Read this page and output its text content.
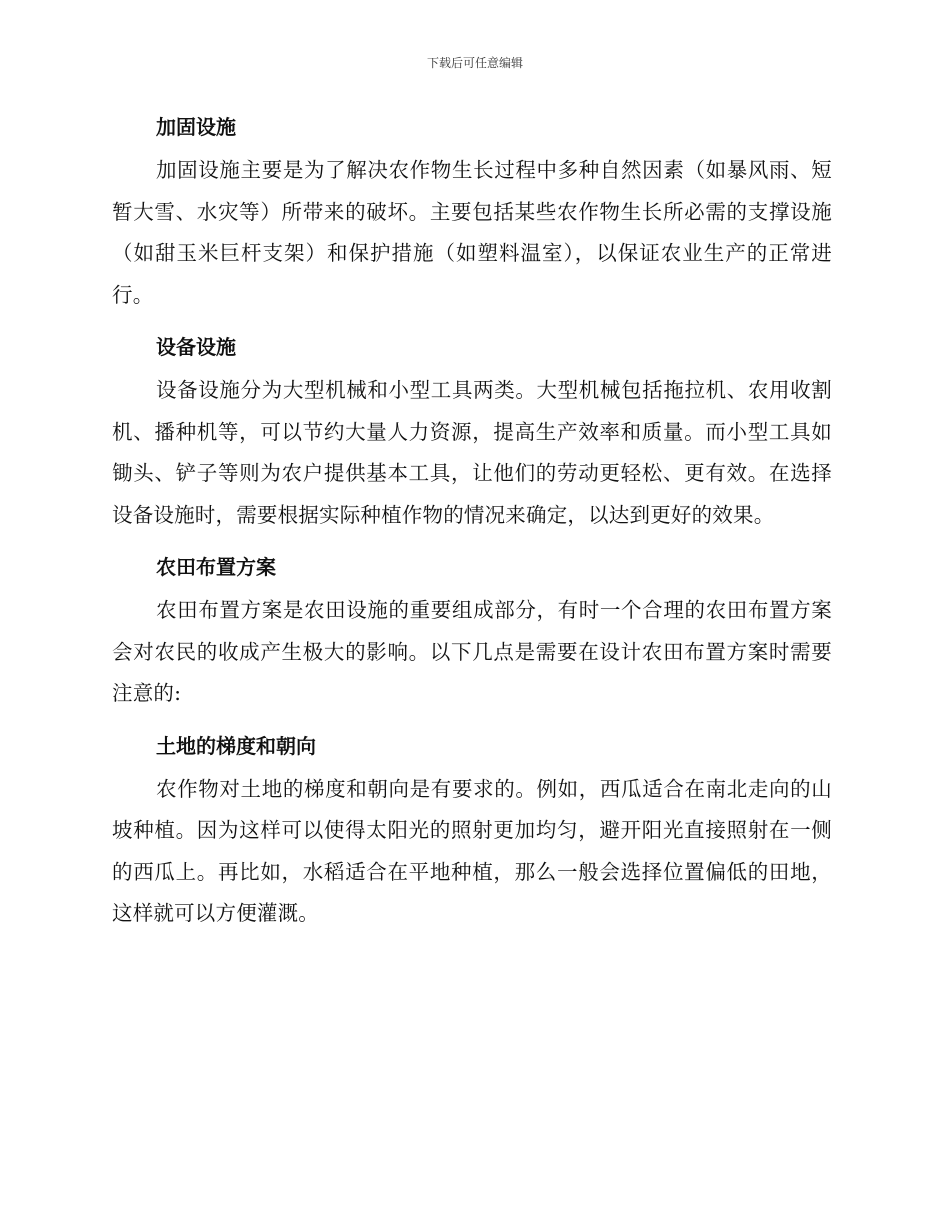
下载后可任意编辑
加固设施

加固设施主要是为了解决农作物生长过程中多种自然因素（如暴风雨、短暂大雪、水灾等）所带来的破坏。主要包括某些农作物生长所必需的支撑设施（如甜玉米巨杆支架）和保护措施（如塑料温室），以保证农业生产的正常进行。

设备设施

设备设施分为大型机械和小型工具两类。大型机械包括拖拉机、农用收割机、播种机等，可以节约大量人力资源，提高生产效率和质量。而小型工具如锄头、铲子等则为农户提供基本工具，让他们的劳动更轻松、更有效。在选择设备设施时，需要根据实际种植作物的情况来确定，以达到更好的效果。

农田布置方案

农田布置方案是农田设施的重要组成部分，有时一个合理的农田布置方案会对农民的收成产生极大的影响。以下几点是需要在设计农田布置方案时需要注意的:

土地的梯度和朝向

农作物对土地的梯度和朝向是有要求的。例如，西瓜适合在南北走向的山坡种植。因为这样可以使得太阳光的照射更加均匀，避开阳光直接照射在一侧的西瓜上。再比如，水稻适合在平地种植，那么一般会选择位置偏低的田地，这样就可以方便灌溉。
